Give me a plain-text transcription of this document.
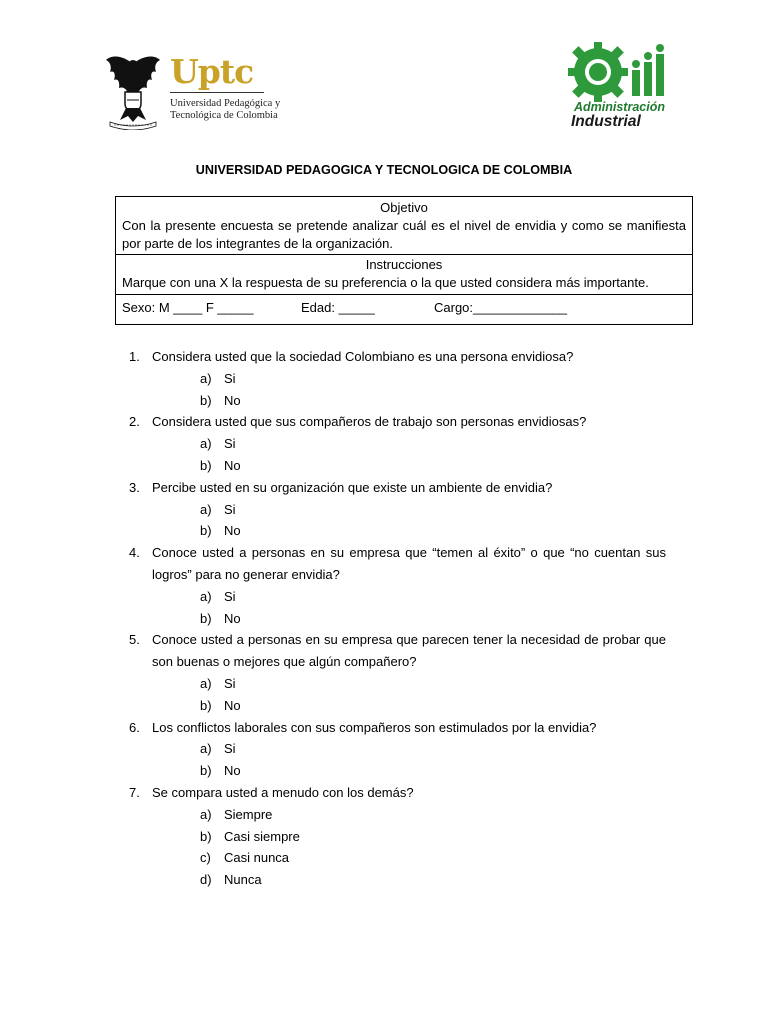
Uptc
Universidad Pedagógica y
Tecnológica de Colombia
Administración
Industrial
UNIVERSIDAD PEDAGOGICA Y TECNOLOGICA DE COLOMBIA
Objetivo
Con la presente encuesta se pretende analizar cuál es el nivel de envidia y como se manifiesta por parte de los integrantes de la organización.
Instrucciones
Marque con una X la respuesta de su preferencia o la que usted considera más importante.
Sexo: M ____ F _____	Edad: _____	Cargo:_____________
1. Considera usted que la sociedad Colombiano es una persona envidiosa?
a) Si
b) No
2. Considera usted que sus compañeros de trabajo son personas envidiosas?
a) Si
b) No
3. Percibe usted en su organización que existe un ambiente de envidia?
a) Si
b) No
4. Conoce usted a personas en su empresa que “temen al éxito” o que “no cuentan sus logros” para no generar envidia?
a) Si
b) No
5. Conoce usted a personas en su empresa que parecen tener la necesidad de probar que son buenas o mejores que algún compañero?
a) Si
b) No
6. Los conflictos laborales con sus compañeros son estimulados por la envidia?
a) Si
b) No
7. Se compara usted a menudo con los demás?
a) Siempre
b) Casi siempre
c) Casi nunca
d) Nunca
